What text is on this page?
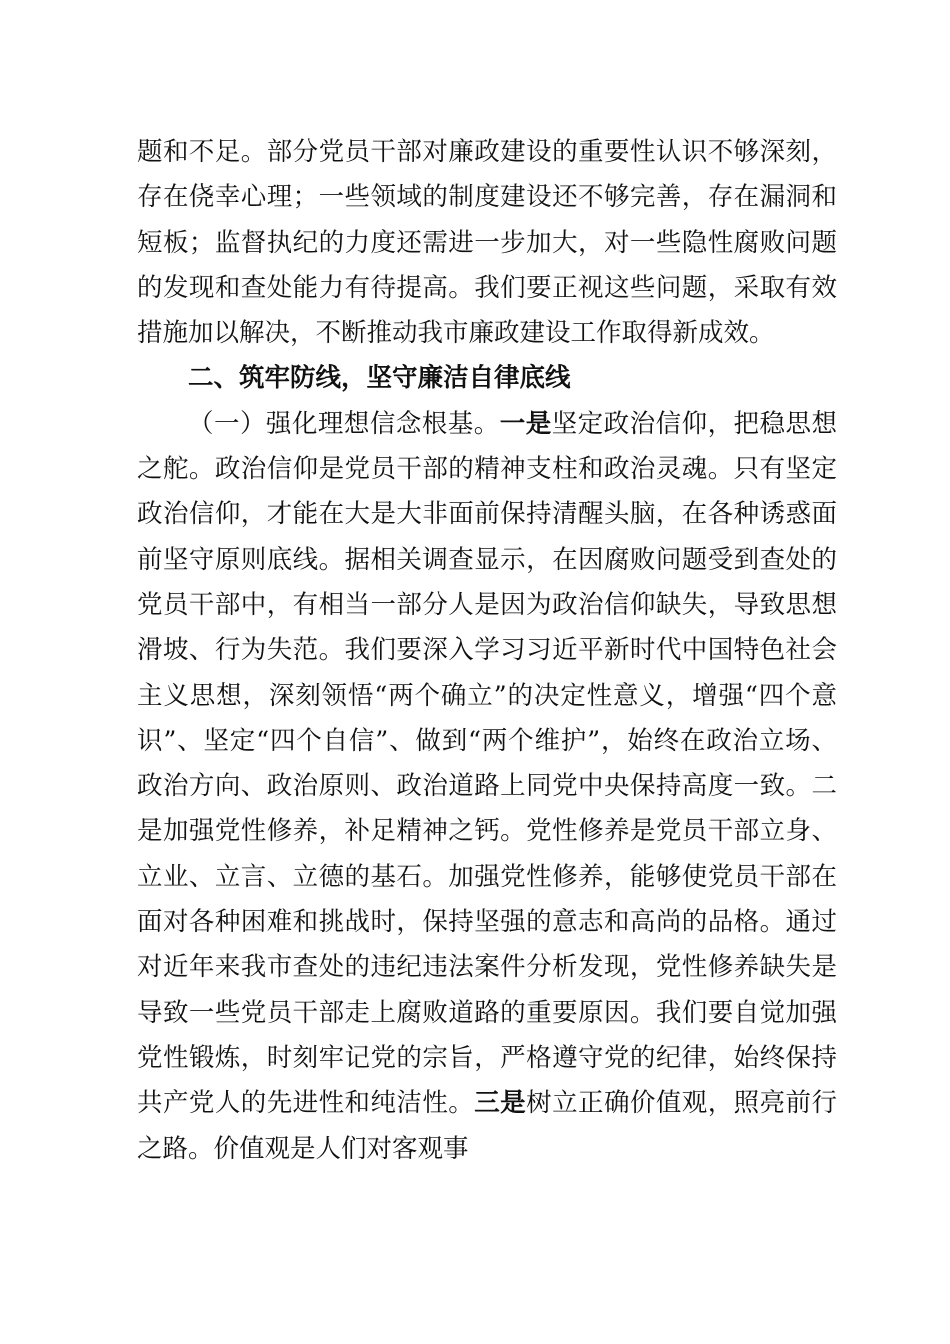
题和不足。部分党员干部对廉政建设的重要性认识不够深刻，存在侥幸心理；一些领域的制度建设还不够完善，存在漏洞和短板；监督执纪的力度还需进一步加大，对一些隐性腐败问题的发现和查处能力有待提高。我们要正视这些问题，采取有效措施加以解决，不断推动我市廉政建设工作取得新成效。

二、筑牢防线，坚守廉洁自律底线

（一）强化理想信念根基。一是坚定政治信仰，把稳思想之舵。政治信仰是党员干部的精神支柱和政治灵魂。只有坚定政治信仰，才能在大是大非面前保持清醒头脑，在各种诱惑面前坚守原则底线。据相关调查显示，在因腐败问题受到查处的党员干部中，有相当一部分人是因为政治信仰缺失，导致思想滑坡、行为失范。我们要深入学习习近平新时代中国特色社会主义思想，深刻领悟“两个确立”的决定性意义，增强“四个意识”、坚定“四个自信”、做到“两个维护”，始终在政治立场、政治方向、政治原则、政治道路上同党中央保持高度一致。二是加强党性修养，补足精神之钙。党性修养是党员干部立身、立业、立言、立德的基石。加强党性修养，能够使党员干部在面对各种困难和挑战时，保持坚强的意志和高尚的品格。通过对近年来我市查处的违纪违法案件分析发现，党性修养缺失是导致一些党员干部走上腐败道路的重要原因。我们要自觉加强党性锻炼，时刻牢记党的宗旨，严格遵守党的纪律，始终保持共产党人的先进性和纯洁性。三是树立正确价值观，照亮前行之路。价值观是人们对客观事
